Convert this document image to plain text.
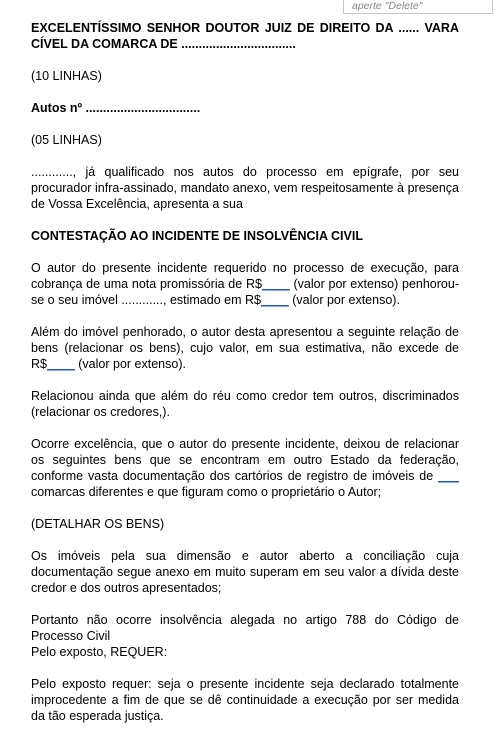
aperte "Delete"

EXCELENTÍSSIMO SENHOR DOUTOR JUIZ DE DIREITO DA ...... VARA CÍVEL DA COMARCA DE .................................

(10 LINHAS)

Autos nº .................................

(05 LINHAS)

............, já qualificado nos autos do processo em epígrafe, por seu procurador infra-assinado, mandato anexo, vem respeitosamente à presença de Vossa Excelência, apresenta a sua

CONTESTAÇÃO AO INCIDENTE DE INSOLVÊNCIA CIVIL

O autor do presente incidente requerido no processo de execução, para cobrança de uma nota promissória de R$____ (valor por extenso) penhorou-se o seu imóvel ............, estimado em R$____ (valor por extenso).

Além do imóvel penhorado, o autor desta apresentou a seguinte relação de bens (relacionar os bens), cujo valor, em sua estimativa, não excede de R$____ (valor por extenso).

Relacionou ainda que além do réu como credor tem outros, discriminados (relacionar os credores,).

Ocorre excelência, que o autor do presente incidente, deixou de relacionar os seguintes bens que se encontram em outro Estado da federação, conforme vasta documentação dos cartórios de registro de imóveis de ___ comarcas diferentes e que figuram como o proprietário o Autor;

(DETALHAR OS BENS)

Os imóveis pela sua dimensão e autor aberto a conciliação cuja documentação segue anexo em muito superam em seu valor a dívida deste credor e dos outros apresentados;

Portanto não ocorre insolvência alegada no artigo 788 do Código de Processo Civil

Pelo exposto, REQUER:

Pelo exposto requer: seja o presente incidente seja declarado totalmente improcedente a fim de que se dê continuidade a execução por ser medida da tão esperada justiça.
